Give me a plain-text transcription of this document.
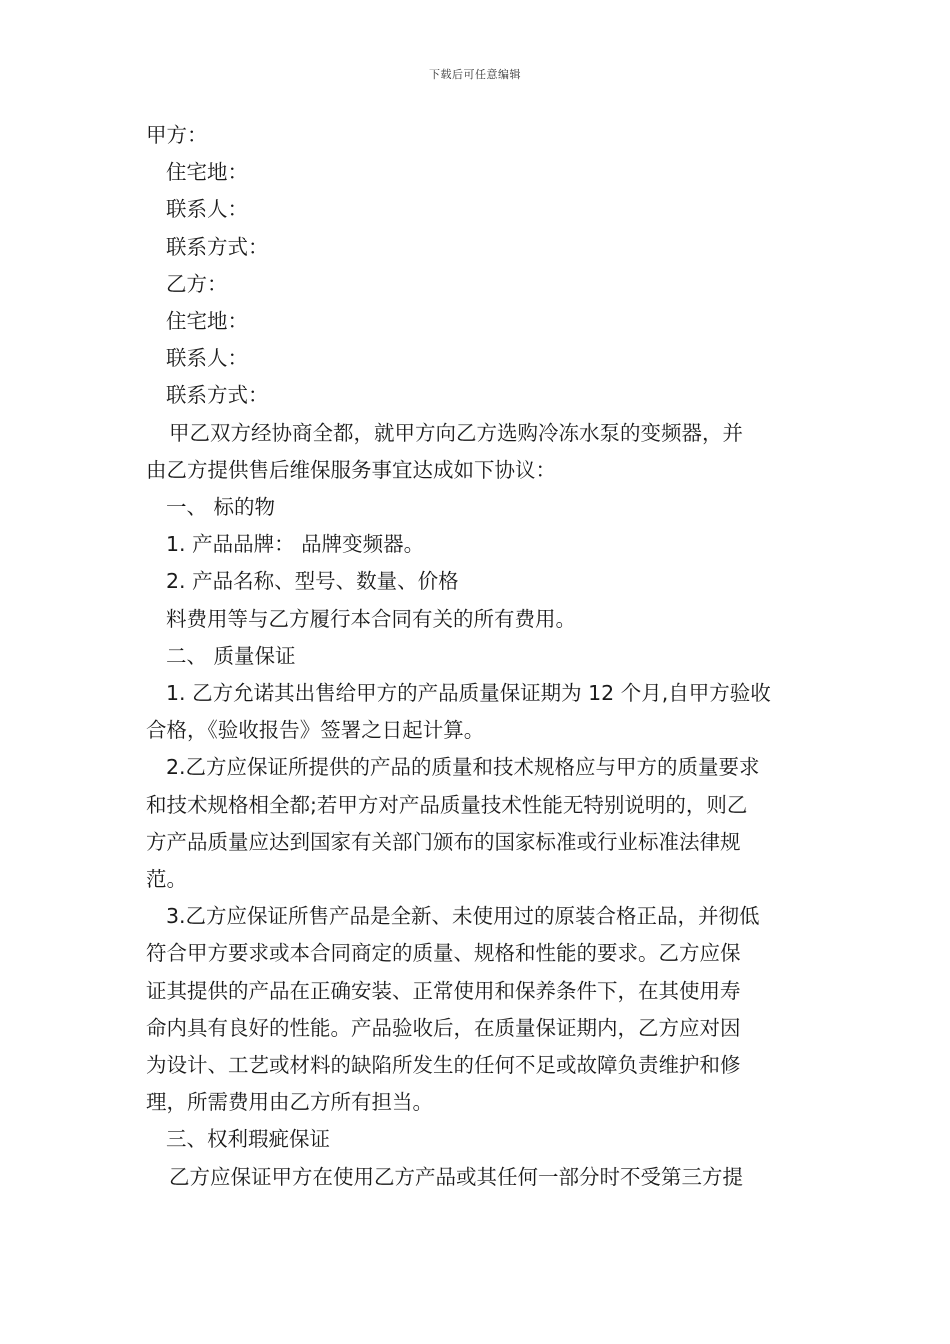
下载后可任意编辑
甲方：
住宅地：
联系人：
联系方式：
乙方：
住宅地：
联系人：
联系方式：
甲乙双方经协商全都，就甲方向乙方选购冷冻水泵的变频器，并
由乙方提供售后维保服务事宜达成如下协议：
一、 标的物
1. 产品品牌： 品牌变频器。
2. 产品名称、型号、数量、价格
料费用等与乙方履行本合同有关的所有费用。
二、 质量保证
1. 乙方允诺其出售给甲方的产品质量保证期为 12 个月,自甲方验收
合格，《验收报告》签署之日起计算。
2.乙方应保证所提供的产品的质量和技术规格应与甲方的质量要求
和技术规格相全都;若甲方对产品质量技术性能无特别说明的，则乙
方产品质量应达到国家有关部门颁布的国家标准或行业标准法律规
范。
3.乙方应保证所售产品是全新、未使用过的原装合格正品，并彻低
符合甲方要求或本合同商定的质量、规格和性能的要求。乙方应保
证其提供的产品在正确安装、正常使用和保养条件下，在其使用寿
命内具有良好的性能。产品验收后，在质量保证期内，乙方应对因
为设计、工艺或材料的缺陷所发生的任何不足或故障负责维护和修
理，所需费用由乙方所有担当。
三、权利瑕疵保证
乙方应保证甲方在使用乙方产品或其任何一部分时不受第三方提
